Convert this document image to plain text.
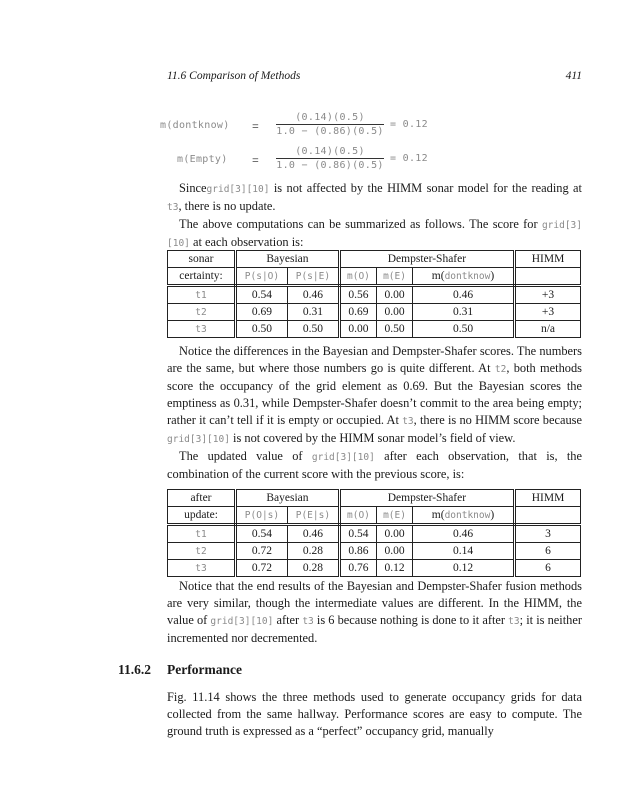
11.6 Comparison of Methods	411
m(dontknow) = $\frac{(0.14)(0.5)}{1.0 - (0.86)(0.5)} = 0.12$
m(Empty) = $\frac{(0.14)(0.5)}{1.0 - (0.86)(0.5)} = 0.12$

Sincegrid[3][10] is not affected by the HIMM sonar model for the reading at t3, there is no update.

The above computations can be summarized as follows. The score for grid[3][10] at each observation is:

sonar	Bayesian		Dempster-Shafer			HIMM
certainty:	P(s|O)	P(s|E)	m(O)	m(E)	m(dontknow)	
t1	0.54	0.46	0.56	0.00	0.46	+3
t2	0.69	0.31	0.69	0.00	0.31	+3
t3	0.50	0.50	0.00	0.50	0.50	n/a

Notice the differences in the Bayesian and Dempster-Shafer scores. The numbers are the same, but where those numbers go is quite different. At t2, both methods score the occupancy of the grid element as 0.69. But the Bayesian scores the emptiness as 0.31, while Dempster-Shafer doesn’t commit to the area being empty; rather it can’t tell if it is empty or occupied. At t3, there is no HIMM score because grid[3][10] is not covered by the HIMM sonar model’s field of view.

The updated value of grid[3][10] after each observation, that is, the combination of the current score with the previous score, is:

after	Bayesian		Dempster-Shafer			HIMM
update:	P(O|s)	P(E|s)	m(O)	m(E)	m(dontknow)	
t1	0.54	0.46	0.54	0.00	0.46	3
t2	0.72	0.28	0.86	0.00	0.14	6
t3	0.72	0.28	0.76	0.12	0.12	6

Notice that the end results of the Bayesian and Dempster-Shafer fusion methods are very similar, though the intermediate values are different. In the HIMM, the value of grid[3][10] after t3 is 6 because nothing is done to it after t3; it is neither incremented nor decremented.

11.6.2 Performance

Fig. 11.14 shows the three methods used to generate occupancy grids for data collected from the same hallway. Performance scores are easy to compute. The ground truth is expressed as a “perfect” occupancy grid, manually
